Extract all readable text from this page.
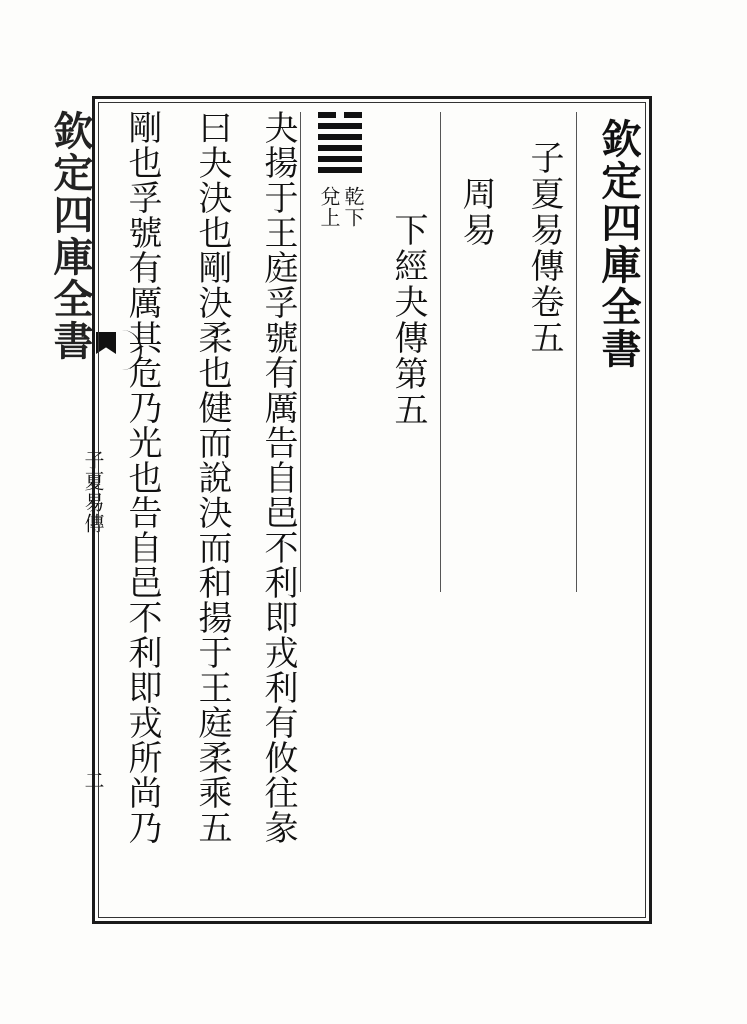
欽定四庫全書
子夏易傳
二
欽定四庫全書
子夏易傳卷五
周易
下經夬傳第五
乾下
兌上
夬揚于王庭孚號有厲告自邑不利即戎利有攸往彖
曰夬決也剛決柔也健而說決而和揚于王庭柔乘五
剛也孚號有厲其危乃光也告自邑不利即戎所尚乃
